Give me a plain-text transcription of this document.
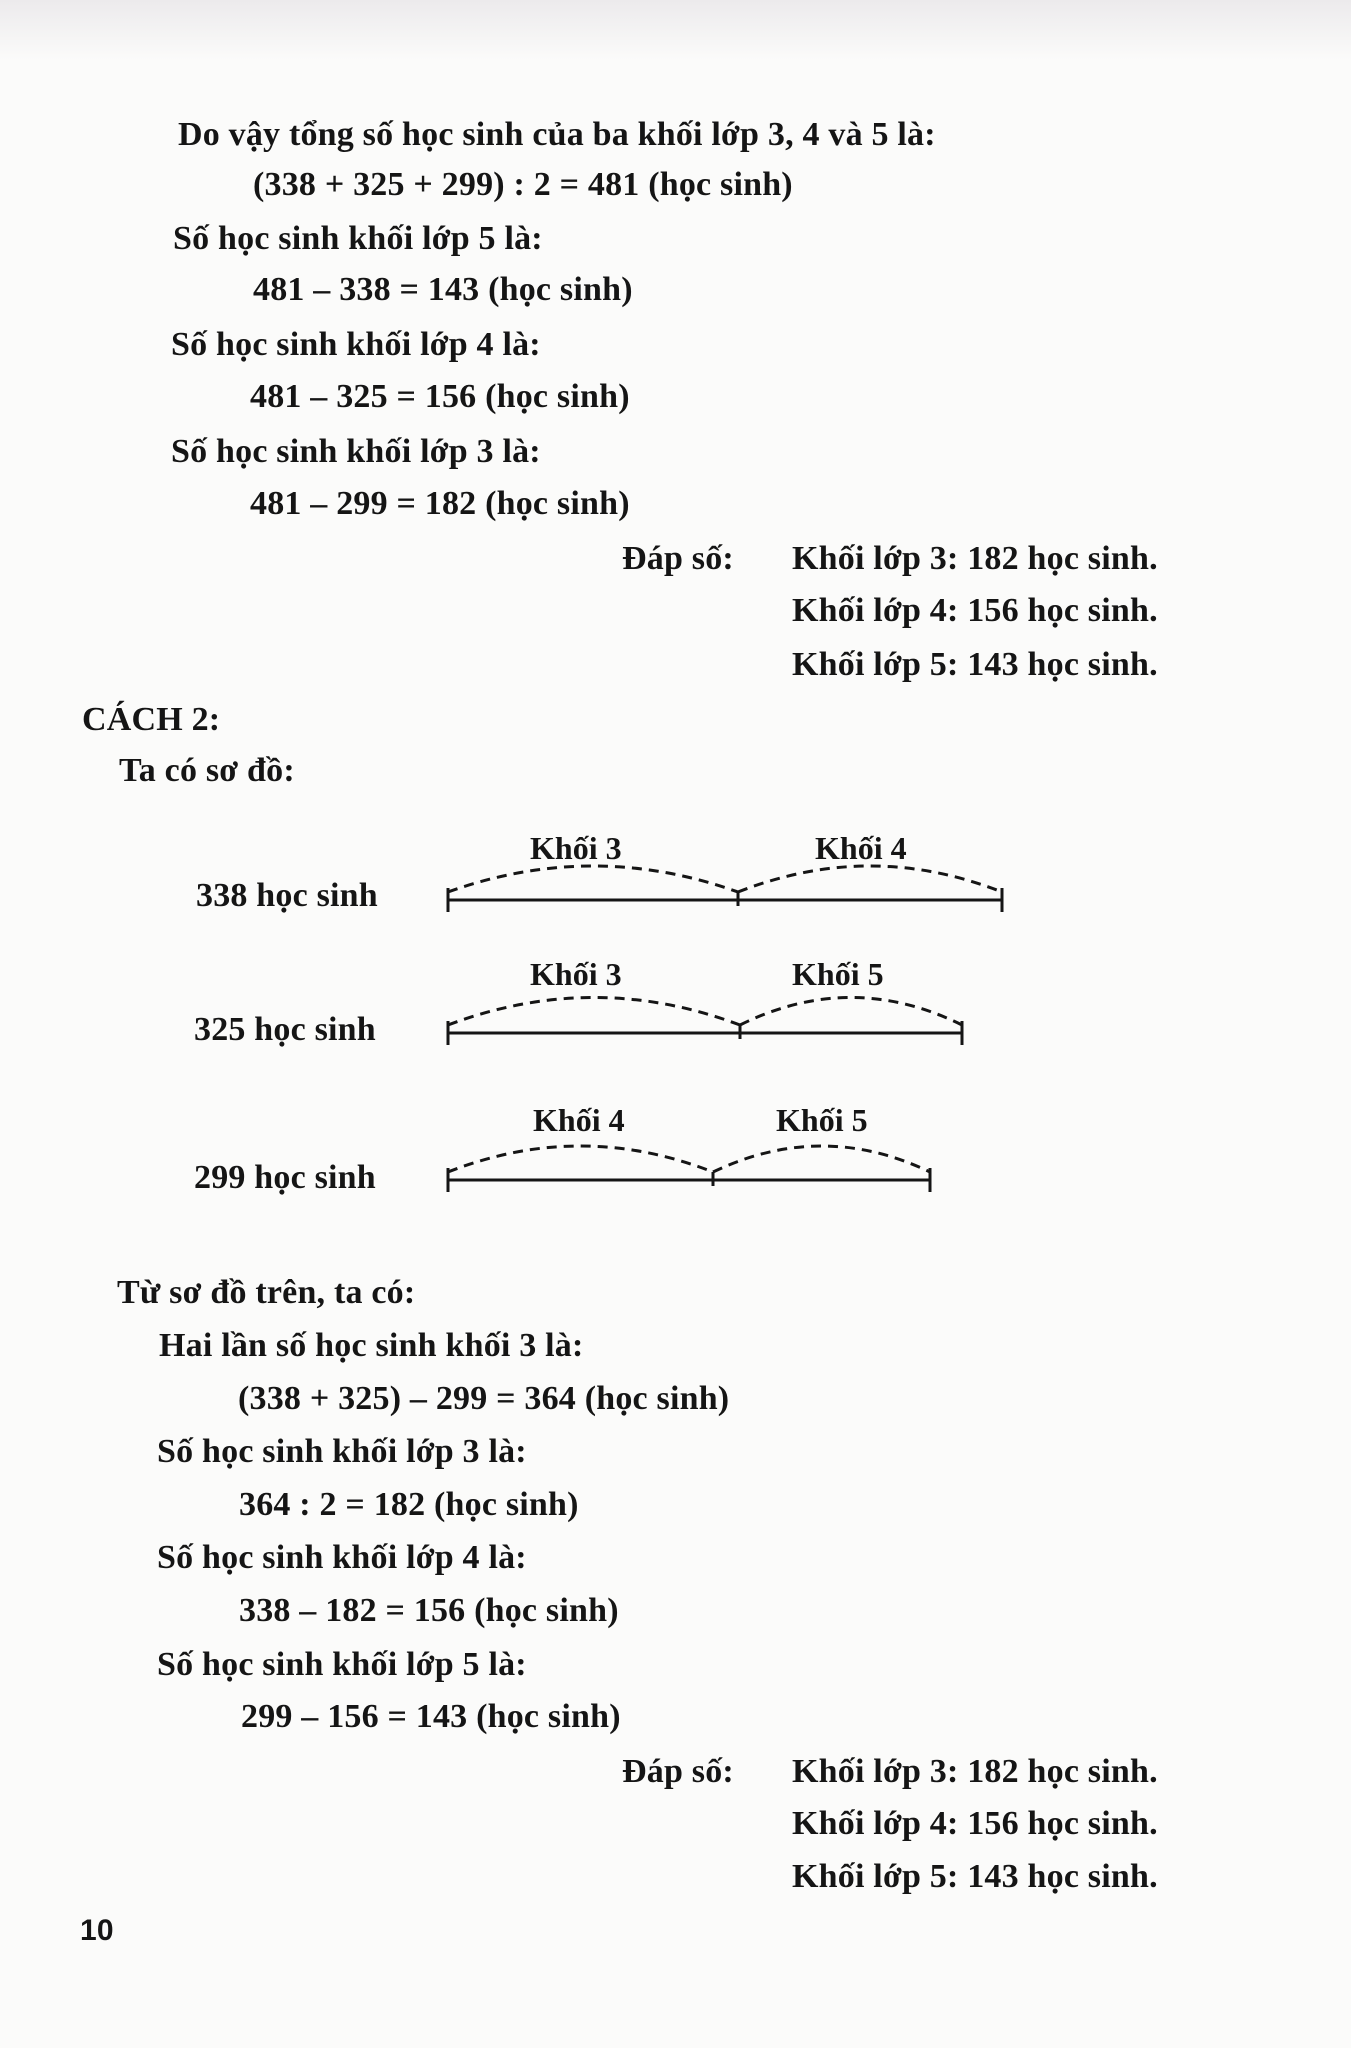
Do vậy tổng số học sinh của ba khối lớp 3, 4 và 5 là:
(338 + 325 + 299) : 2 = 481 (học sinh)
Số học sinh khối lớp 5 là:
481 – 338 = 143 (học sinh)
Số học sinh khối lớp 4 là:
481 – 325 = 156 (học sinh)
Số học sinh khối lớp 3 là:
481 – 299 = 182 (học sinh)
Đáp số: Khối lớp 3: 182 học sinh.
Khối lớp 4: 156 học sinh.
Khối lớp 5: 143 học sinh.
CÁCH 2:
Ta có sơ đồ:
338 học sinh
325 học sinh
299 học sinh
Khối 3	Khối 4
Khối 3	Khối 5
Khối 4	Khối 5
Từ sơ đồ trên, ta có:
Hai lần số học sinh khối 3 là:
(338 + 325) – 299 = 364 (học sinh)
Số học sinh khối lớp 3 là:
364 : 2 = 182 (học sinh)
Số học sinh khối lớp 4 là:
338 – 182 = 156 (học sinh)
Số học sinh khối lớp 5 là:
299 – 156 = 143 (học sinh)
Đáp số: Khối lớp 3: 182 học sinh.
Khối lớp 4: 156 học sinh.
Khối lớp 5: 143 học sinh.
10
